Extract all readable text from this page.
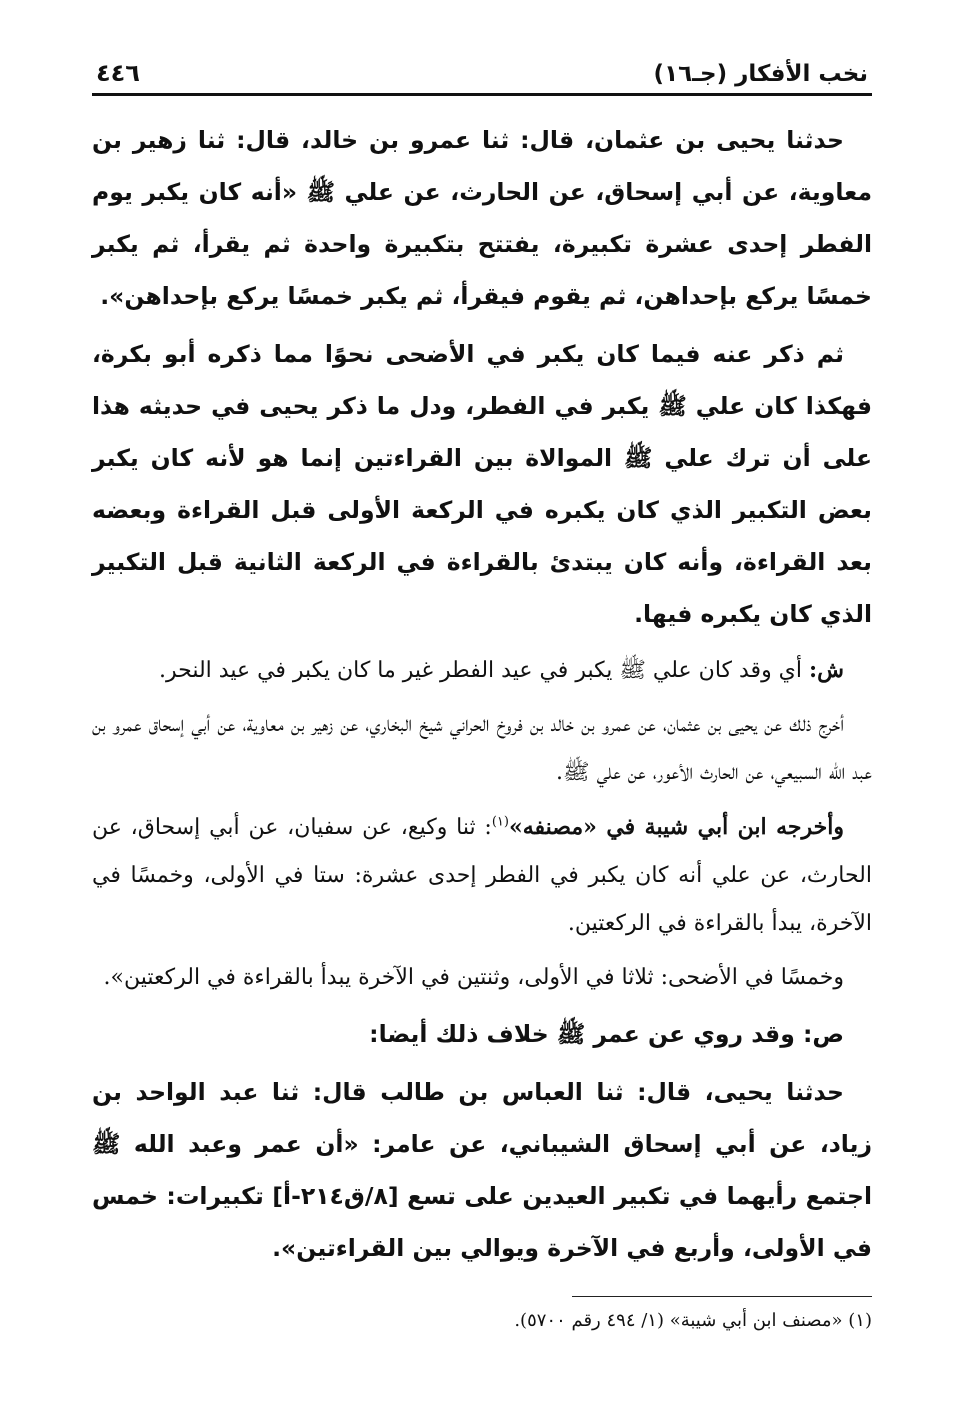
نخب الأفكار (جـ١٦)
٤٤٦

حدثنا يحيى بن عثمان، قال: ثنا عمرو بن خالد، قال: ثنا زهير بن معاوية، عن أبي إسحاق، عن الحارث، عن علي ﷺ «أنه كان يكبر يوم الفطر إحدى عشرة تكبيرة، يفتتح بتكبيرة واحدة ثم يقرأ، ثم يكبر خمسًا يركع بإحداهن، ثم يقوم فيقرأ، ثم يكبر خمسًا يركع بإحداهن».

ثم ذكر عنه فيما كان يكبر في الأضحى نحوًا مما ذكره أبو بكرة، فهكذا كان علي ﷺ يكبر في الفطر، ودل ما ذكر يحيى في حديثه هذا على أن ترك علي ﷺ الموالاة بين القراءتين إنما هو لأنه كان يكبر بعض التكبير الذي كان يكبره في الركعة الأولى قبل القراءة وبعضه بعد القراءة، وأنه كان يبتدئ بالقراءة في الركعة الثانية قبل التكبير الذي كان يكبره فيها.

ش: أي وقد كان علي ﷺ يكبر في عيد الفطر غير ما كان يكبر في عيد النحر.

أخرج ذلك عن يحيى بن عثمان، عن عمرو بن خالد بن فروخ الحراني شيخ البخاري، عن زهير بن معاوية، عن أبي إسحاق عمرو بن عبد الله السبيعي، عن الحارث الأعور، عن علي ﷺ.

وأخرجه ابن أبي شيبة في «مصنفه»$^{(١)}$: ثنا وكيع، عن سفيان، عن أبي إسحاق، عن الحارث، عن علي أنه كان يكبر في الفطر إحدى عشرة: ستا في الأولى، وخمسًا في الآخرة، يبدأ بالقراءة في الركعتين.

وخمسًا في الأضحى: ثلاثا في الأولى، وثنتين في الآخرة يبدأ بالقراءة في الركعتين».

ص: وقد روي عن عمر ﷺ خلاف ذلك أيضا:

حدثنا يحيى، قال: ثنا العباس بن طالب قال: ثنا عبد الواحد بن زياد، عن أبي إسحاق الشيباني، عن عامر: «أن عمر وعبد الله ﷺ اجتمع رأيهما في تكبير العيدين على تسع [٨/ق٢١٤-أ] تكبيرات: خمس في الأولى، وأربع في الآخرة ويوالي بين القراءتين».

(١) «مصنف ابن أبي شيبة» (١/ ٤٩٤ رقم ٥٧٠٠).
